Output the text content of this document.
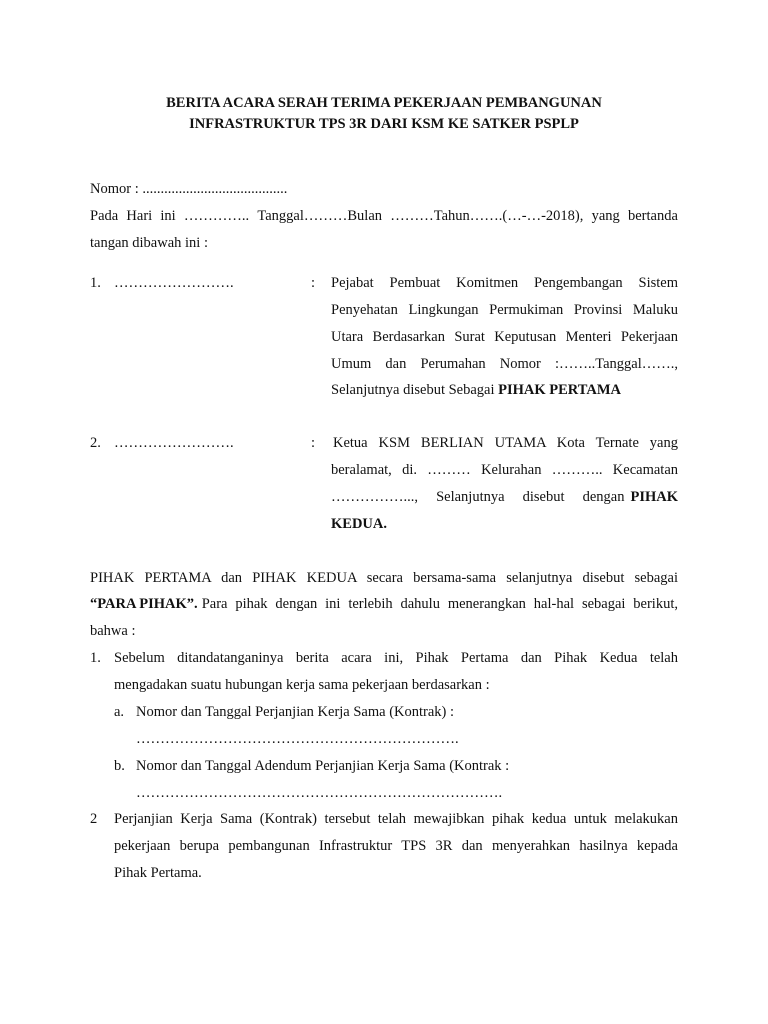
BERITA ACARA SERAH TERIMA PEKERJAAN PEMBANGUNAN
INFRASTRUKTUR TPS 3R DARI KSM KE SATKER PSPLP
Nomor : ........................................
Pada Hari ini ………….. Tanggal………Bulan ………Tahun…….(…-…-2018), yang bertanda
tangan dibawah ini :
1. …………………….	: Pejabat Pembuat Komitmen Pengembangan Sistem
Penyehatan Lingkungan Permukiman Provinsi Maluku
Utara Berdasarkan Surat Keputusan Menteri Pekerjaan
Umum dan Perumahan Nomor :……..Tanggal…….,
Selanjutnya disebut Sebagai PIHAK PERTAMA
2. …………………….	: Ketua KSM BERLIAN UTAMA Kota Ternate yang
beralamat, di. ……… Kelurahan ……….. Kecamatan
……………..., Selanjutnya disebut dengan PIHAK
KEDUA.
PIHAK PERTAMA dan PIHAK KEDUA secara bersama-sama selanjutnya disebut sebagai
“PARA PIHAK”. Para pihak dengan ini terlebih dahulu menerangkan hal-hal sebagai berikut,
bahwa :
1. Sebelum ditandatanganinya berita acara ini, Pihak Pertama dan Pihak Kedua telah
mengadakan suatu hubungan kerja sama pekerjaan berdasarkan :
a. Nomor dan Tanggal Perjanjian Kerja Sama (Kontrak) :
………………………………………………………….
b. Nomor dan Tanggal Adendum Perjanjian Kerja Sama (Kontrak :
………………………………………………………………….
2 Perjanjian Kerja Sama (Kontrak) tersebut telah mewajibkan pihak kedua untuk melakukan
pekerjaan berupa pembangunan Infrastruktur TPS 3R dan menyerahkan hasilnya kepada
Pihak Pertama.
